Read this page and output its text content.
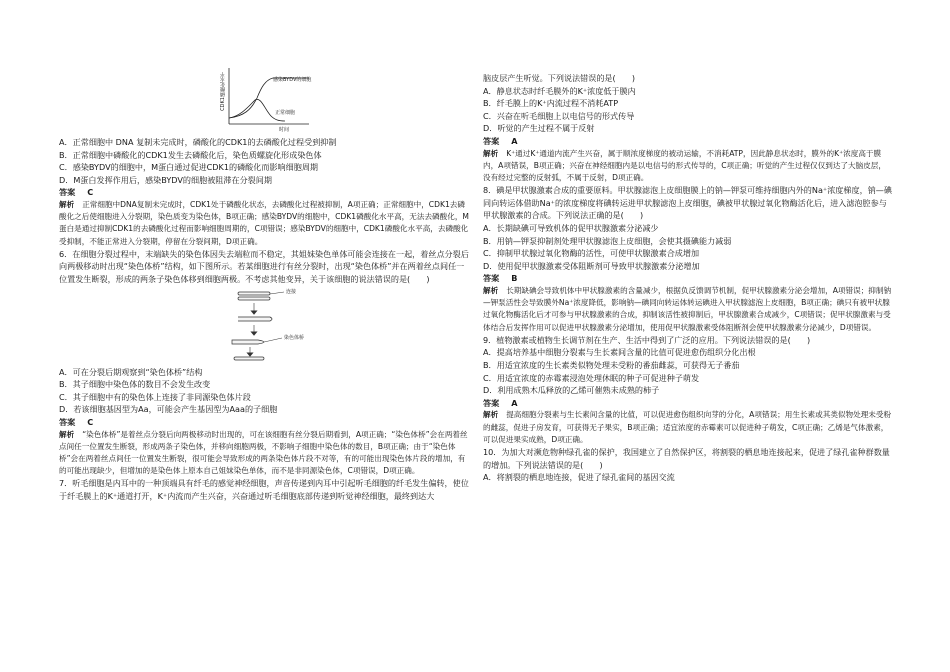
CDK1磷酸化水平	感染BYDV的细胞
正常细胞
时间

A．正常细胞中 DNA 复制未完成时，磷酸化的CDK1的去磷酸化过程受到抑制

B．正常细胞中磷酸化的CDK1发生去磷酸化后，染色质螺旋化形成染色体

C．感染BYDV的细胞中，M蛋白通过促进CDK1的磷酸化而影响细胞周期

D．M蛋白发挥作用后，感染BYDV的细胞被阻滞在分裂间期

答案 C

解析 正常细胞中DNA复制未完成时，CDK1处于磷酸化状态，去磷酸化过程被抑制，A项正确；正常细胞中，CDK1去磷酸化之后使细胞进入分裂期，染色质变为染色体，B项正确；感染BYDV的细胞中，CDK1磷酸化水平高，无法去磷酸化，M蛋白是通过抑制CDK1的去磷酸化过程而影响细胞周期的，C项错误；感染BYDV的细胞中，CDK1磷酸化水平高，去磷酸化受抑制，不能正常进入分裂期，停留在分裂间期，D项正确。

6．在细胞分裂过程中，末端缺失的染色体因失去端粒而不稳定，其姐妹染色单体可能会连接在一起，着丝点分裂后向两极移动时出现“染色体桥”结构，如下图所示。若某细胞进行有丝分裂时，出现“染色体桥”并在两着丝点间任一位置发生断裂，形成的两条子染色体移到细胞两极。不考虑其他变异，关于该细胞的说法错误的是(　　)

连接
染色体桥

A．可在分裂后期观察到“染色体桥”结构

B．其子细胞中染色体的数目不会发生改变

C．其子细胞中有的染色体上连接了非同源染色体片段

D．若该细胞基因型为Aa，可能会产生基因型为Aaa的子细胞

答案 C

解析 “染色体桥”是着丝点分裂后向两极移动时出现的，可在该细胞有丝分裂后期看到，A项正确；“染色体桥”会在两着丝点间任一位置发生断裂，形成两条子染色体，并移向细胞两极，不影响子细胞中染色体的数目，B项正确；由于“染色体桥”会在两着丝点间任一位置发生断裂，很可能会导致形成的两条染色体片段不对等，有的可能出现染色体片段的增加，有的可能出现缺少，但增加的是染色体上原本自己姐妹染色单体，而不是非同源染色体，C项错误，D项正确。

7．听毛细胞是内耳中的一种顶端具有纤毛的感觉神经细胞，声音传递到内耳中引起听毛细胞的纤毛发生偏转，使位于纤毛膜上的K⁺通道打开，K⁺内流而产生兴奋，兴奋通过听毛细胞底部传递到听觉神经细胞，最终到达大

脑皮层产生听觉。下列说法错误的是(　　)

A．静息状态时纤毛膜外的K⁺浓度低于膜内

B．纤毛膜上的K⁺内流过程不消耗ATP

C．兴奋在听毛细胞上以电信号的形式传导

D．听觉的产生过程不属于反射

答案 A

解析 K⁺通过K⁺通道内流产生兴奋，属于顺浓度梯度的被动运输，不消耗ATP，因此静息状态时，膜外的K⁺浓度高于膜内，A项错误，B项正确；兴奋在神经细胞内是以电信号的形式传导的，C项正确；听觉的产生过程仅仅到达了大脑皮层，没有经过完整的反射弧，不属于反射，D项正确。

8．碘是甲状腺激素合成的重要原料。甲状腺滤泡上皮细胞膜上的钠—钾泵可维持细胞内外的Na⁺浓度梯度，钠—碘同向转运体借助Na⁺的浓度梯度将碘转运进甲状腺滤泡上皮细胞，碘被甲状腺过氧化物酶活化后，进入滤泡腔参与甲状腺激素的合成。下列说法正确的是(　　)

A．长期缺碘可导致机体的促甲状腺激素分泌减少

B．用钠—钾泵抑制剂处理甲状腺滤泡上皮细胞，会使其摄碘能力减弱

C．抑制甲状腺过氧化物酶的活性，可使甲状腺激素合成增加

D．使用促甲状腺激素受体阻断剂可导致甲状腺激素分泌增加

答案 B

解析 长期缺碘会导致机体中甲状腺激素的含量减少，根据负反馈调节机制，促甲状腺激素分泌会增加，A项错误；抑制钠—钾泵活性会导致膜外Na⁺浓度降低，影响钠—碘同向转运体转运碘进入甲状腺滤泡上皮细胞，B项正确；碘只有被甲状腺过氧化物酶活化后才可参与甲状腺激素的合成，抑制该活性被抑制后，甲状腺激素合成减少，C项错误；促甲状腺激素与受体结合后发挥作用可以促进甲状腺激素分泌增加，使用促甲状腺激素受体阻断剂会使甲状腺激素分泌减少，D项错误。

9．植物激素或植物生长调节剂在生产、生活中得到了广泛的应用。下列说法错误的是(　　)

A．提高培养基中细胞分裂素与生长素间含量的比值可促进愈伤组织分化出根

B．用适宜浓度的生长素类似物处理未受粉的番茄雌蕊，可获得无子番茄

C．用适宜浓度的赤霉素浸泡处理休眠的种子可促进种子萌发

D．利用成熟木瓜释放的乙烯可催熟未成熟的柿子

答案 A

解析 提高细胞分裂素与生长素间含量的比值，可以促进愈伤组织向芽的分化，A项错误；用生长素或其类似物处理未受粉的雌蕊，促进子房发育，可获得无子果实，B项正确；适宜浓度的赤霉素可以促进种子萌发，C项正确；乙烯是气体激素，可以促进果实成熟，D项正确。

10．为加大对濒危物种绿孔雀的保护，我国建立了自然保护区，将割裂的栖息地连接起来，促进了绿孔雀种群数量的增加。下列说法错误的是(　　)

A．将割裂的栖息地连接，促进了绿孔雀间的基因交流
